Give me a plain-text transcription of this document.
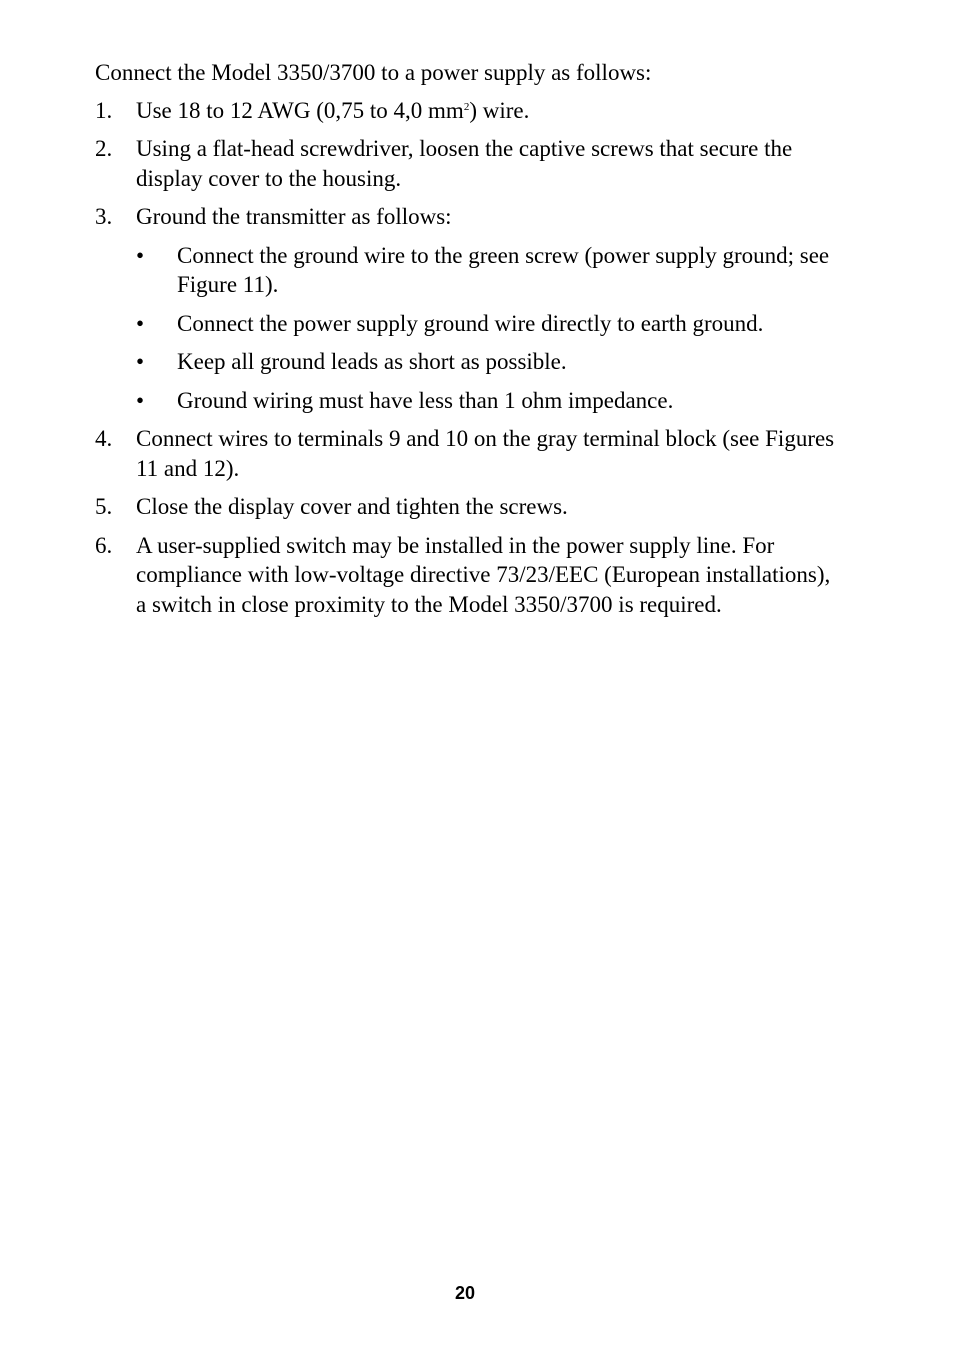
Connect the Model 3350/3700 to a power supply as follows:

1. Use 18 to 12 AWG (0,75 to 4,0 $mm^2$) wire.
2. Using a flat-head screwdriver, loosen the captive screws that secure the display cover to the housing.
3. Ground the transmitter as follows:
• Connect the ground wire to the green screw (power supply ground; see Figure 11).
• Connect the power supply ground wire directly to earth ground.
• Keep all ground leads as short as possible.
• Ground wiring must have less than 1 ohm impedance.
4. Connect wires to terminals 9 and 10 on the gray terminal block (see Figures 11 and 12).
5. Close the display cover and tighten the screws.
6. A user-supplied switch may be installed in the power supply line. For compliance with low-voltage directive 73/23/EEC (European installations), a switch in close proximity to the Model 3350/3700 is required.
20
